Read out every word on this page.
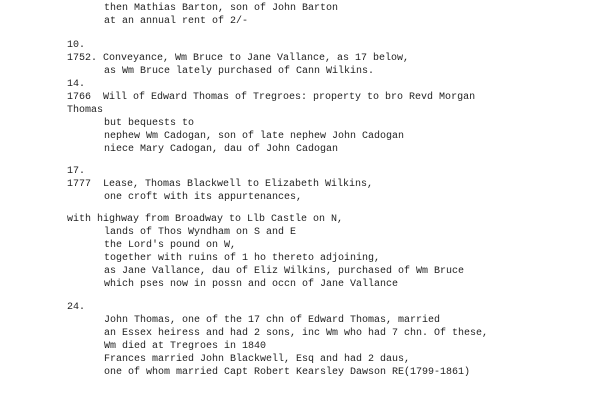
then Mathias Barton, son of John Barton
at an annual rent of 2/-
10.
1752. Conveyance, Wm Bruce to Jane Vallance, as 17 below,
as Wm Bruce lately purchased of Cann Wilkins.
14.
1766  Will of Edward Thomas of Tregroes: property to bro Revd Morgan
Thomas
but bequests to
nephew Wm Cadogan, son of late nephew John Cadogan
niece Mary Cadogan, dau of John Cadogan
17.
1777  Lease, Thomas Blackwell to Elizabeth Wilkins,
one croft with its appurtenances,
with highway from Broadway to Llb Castle on N,
lands of Thos Wyndham on S and E
the Lord's pound on W,
together with ruins of 1 ho thereto adjoining,
as Jane Vallance, dau of Eliz Wilkins, purchased of Wm Bruce
which pses now in possn and occn of Jane Vallance
24.
John Thomas, one of the 17 chn of Edward Thomas, married
an Essex heiress and had 2 sons, inc Wm who had 7 chn. Of these,
Wm died at Tregroes in 1840
Frances married John Blackwell, Esq and had 2 daus,
one of whom married Capt Robert Kearsley Dawson RE(1799-1861)
